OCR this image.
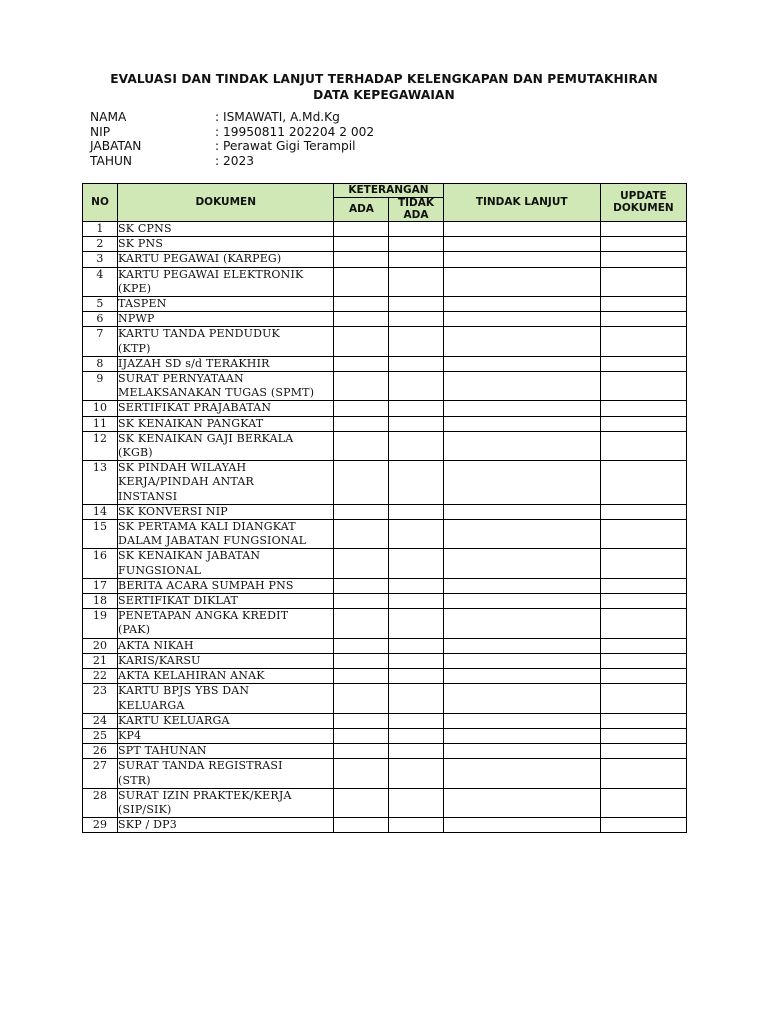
EVALUASI DAN TINDAK LANJUT TERHADAP KELENGKAPAN DAN PEMUTAKHIRAN
DATA KEPEGAWAIAN
NAMA	: ISMAWATI, A.Md.Kg
NIP	: 19950811 202204 2 002
JABATAN	: Perawat Gigi Terampil
TAHUN	: 2023
NO	DOKUMEN	KETERANGAN		TINDAK LANJUT	UPDATE
DOKUMEN

		ADA	TIDAK
ADA		

1	SK CPNS				

2	SK PNS				

3	KARTU PEGAWAI (KARPEG)				

4	KARTU PEGAWAI ELEKTRONIK
(KPE)				

5	TASPEN				

6	NPWP				

7	KARTU TANDA PENDUDUK
(KTP)				

8	IJAZAH SD s/d TERAKHIR				

9	SURAT PERNYATAAN
MELAKSANAKAN TUGAS (SPMT)				

10	SERTIFIKAT PRAJABATAN				

11	SK KENAIKAN PANGKAT				

12	SK KENAIKAN GAJI BERKALA
(KGB)				

13	SK PINDAH WILAYAH
KERJA/PINDAH ANTAR
INSTANSI				

14	SK KONVERSI NIP				

15	SK PERTAMA KALI DIANGKAT
DALAM JABATAN FUNGSIONAL				

16	SK KENAIKAN JABATAN
FUNGSIONAL				

17	BERITA ACARA SUMPAH PNS				

18	SERTIFIKAT DIKLAT				

19	PENETAPAN ANGKA KREDIT
(PAK)				

20	AKTA NIKAH				

21	KARIS/KARSU				

22	AKTA KELAHIRAN ANAK				

23	KARTU BPJS YBS DAN
KELUARGA				

24	KARTU KELUARGA				

25	KP4				

26	SPT TAHUNAN				

27	SURAT TANDA REGISTRASI
(STR)				

28	SURAT IZIN PRAKTEK/KERJA
(SIP/SIK)				

29	SKP / DP3				
